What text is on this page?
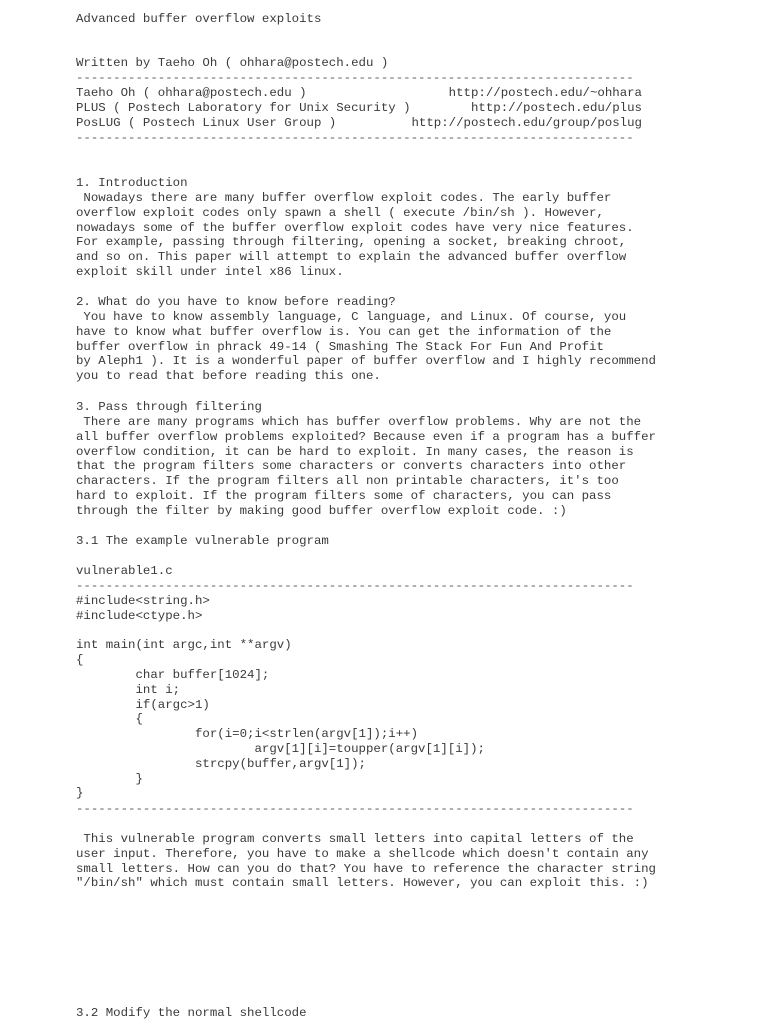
Advanced buffer overflow exploits
Written by Taeho Oh ( ohhara@postech.edu )
---------------------------------------------------------------------------
Taeho Oh ( ohhara@postech.edu )	http://postech.edu/~ohhara
PLUS ( Postech Laboratory for Unix Security )	http://postech.edu/plus
PosLUG ( Postech Linux User Group )	http://postech.edu/group/poslug
---------------------------------------------------------------------------
1. Introduction
Nowadays there are many buffer overflow exploit codes. The early buffer
overflow exploit codes only spawn a shell ( execute /bin/sh ). However,
nowadays some of the buffer overflow exploit codes have very nice features.
For example, passing through filtering, opening a socket, breaking chroot,
and so on. This paper will attempt to explain the advanced buffer overflow
exploit skill under intel x86 linux.
2. What do you have to know before reading?
You have to know assembly language, C language, and Linux. Of course, you
have to know what buffer overflow is. You can get the information of the
buffer overflow in phrack 49-14 ( Smashing The Stack For Fun And Profit
by Aleph1 ). It is a wonderful paper of buffer overflow and I highly recommend
you to read that before reading this one.
3. Pass through filtering
There are many programs which has buffer overflow problems. Why are not the
all buffer overflow problems exploited? Because even if a program has a buffer
overflow condition, it can be hard to exploit. In many cases, the reason is
that the program filters some characters or converts characters into other
characters. If the program filters all non printable characters, it's too
hard to exploit. If the program filters some of characters, you can pass
through the filter by making good buffer overflow exploit code. :)
3.1 The example vulnerable program
vulnerable1.c
---------------------------------------------------------------------------
#include<string.h>
#include<ctype.h>

int main(int argc,int **argv)
{
char buffer[1024];
int i;
if(argc>1)
{
for(i=0;i<strlen(argv[1]);i++)
argv[1][i]=toupper(argv[1][i]);
strcpy(buffer,argv[1]);
}
}
---------------------------------------------------------------------------
This vulnerable program converts small letters into capital letters of the
user input. Therefore, you have to make a shellcode which doesn't contain any
small letters. How can you do that? You have to reference the character string
"/bin/sh" which must contain small letters. However, you can exploit this. :)
3.2 Modify the normal shellcode
